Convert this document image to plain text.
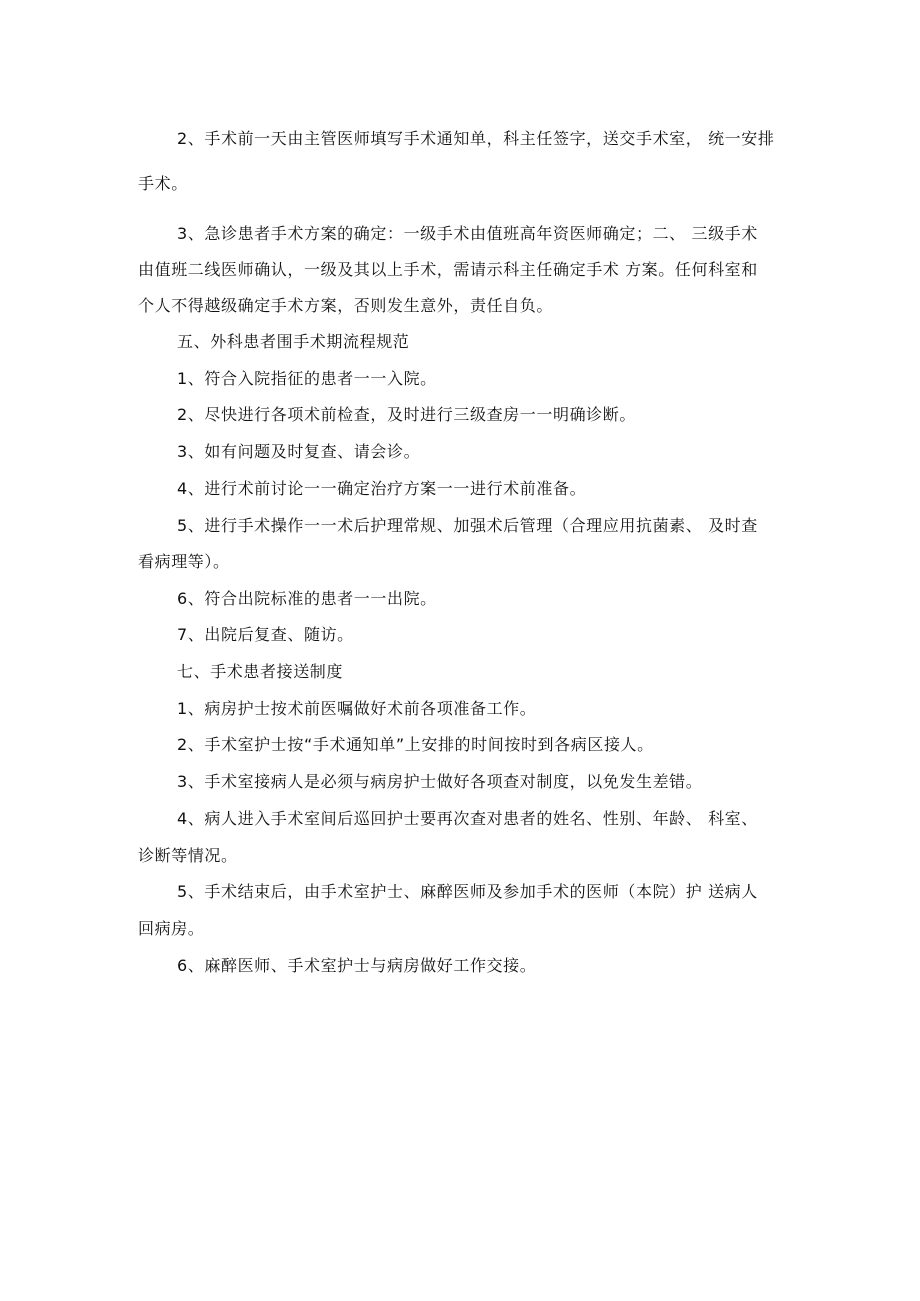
2、手术前一天由主管医师填写手术通知单，科主任签字，送交手术室， 统一安排
手术。
3、急诊患者手术方案的确定：一级手术由值班高年资医师确定；二、 三级手术
由值班二线医师确认，一级及其以上手术，需请示科主任确定手术 方案。任何科室和
个人不得越级确定手术方案，否则发生意外，责任自负。
五、外科患者围手术期流程规范
1、符合入院指征的患者一一入院。
2、尽快进行各项术前检查，及时进行三级查房一一明确诊断。
3、如有问题及时复查、请会诊。
4、进行术前讨论一一确定治疗方案一一进行术前准备。
5、进行手术操作一一术后护理常规、加强术后管理（合理应用抗菌素、 及时查
看病理等）。
6、符合出院标准的患者一一出院。
7、出院后复查、随访。
七、手术患者接送制度
1、病房护士按术前医嘱做好术前各项准备工作。
2、手术室护士按“手术通知单”上安排的时间按时到各病区接人。
3、手术室接病人是必须与病房护士做好各项查对制度，以免发生差错。
4、病人进入手术室间后巡回护士要再次查对患者的姓名、性别、年龄、 科室、
诊断等情况。
5、手术结束后，由手术室护士、麻醉医师及参加手术的医师（本院）护 送病人
回病房。
6、麻醉医师、手术室护士与病房做好工作交接。
